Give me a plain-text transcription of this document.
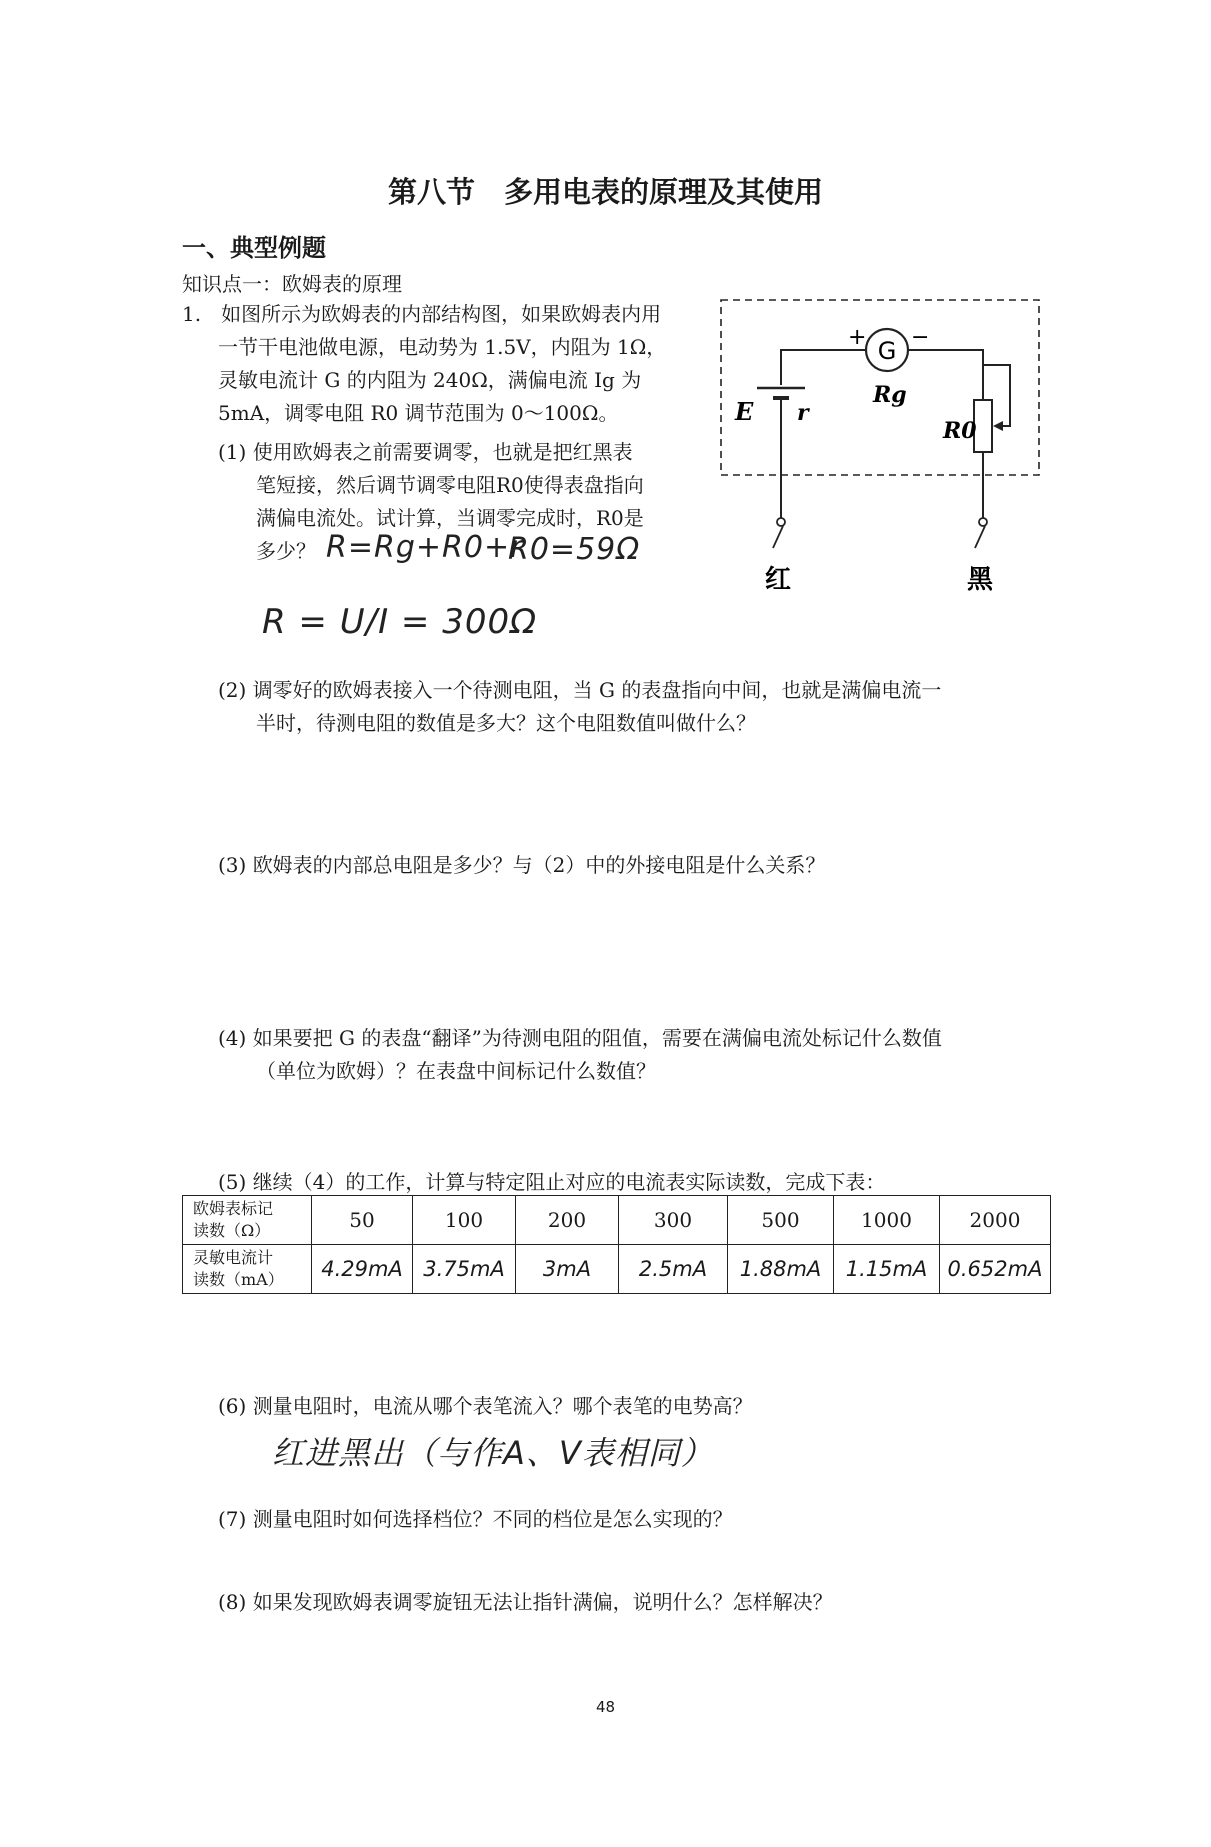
第八节　多用电表的原理及其使用
一、典型例题
知识点一：欧姆表的原理
1.　如图所示为欧姆表的内部结构图，如果欧姆表内用
一节干电池做电源，电动势为 1.5V，内阻为 1Ω，
灵敏电流计 G 的内阻为 240Ω，满偏电流 Ig 为
5mA，调零电阻 R0 调节范围为 0～100Ω。
G
+ −
Rg
E r
R0
红	黑
(1) 使用欧姆表之前需要调零，也就是把红黑表
笔短接，然后调节调零电阻R0使得表盘指向
满偏电流处。试计算，当调零完成时，R0是
多少？ R=Rg+R0+r
R0=59Ω
R = U/I = 300Ω
(2) 调零好的欧姆表接入一个待测电阻，当 G 的表盘指向中间，也就是满偏电流一
半时，待测电阻的数值是多大？这个电阻数值叫做什么？
(3) 欧姆表的内部总电阻是多少？与（2）中的外接电阻是什么关系？
(4) 如果要把 G 的表盘“翻译”为待测电阻的阻值，需要在满偏电流处标记什么数值
（单位为欧姆）？在表盘中间标记什么数值？
(5) 继续（4）的工作，计算与特定阻止对应的电流表实际读数，完成下表：
欧姆表标记
读数（Ω）	50	100	200	300	500	1000	2000

灵敏电流计
读数（mA）	4.29mA	3.75mA	3mA	2.5mA	1.88mA	1.15mA	0.652mA
(6) 测量电阻时，电流从哪个表笔流入？哪个表笔的电势高？
红进黑出（与作A、V表相同）
(7) 测量电阻时如何选择档位？不同的档位是怎么实现的？
(8) 如果发现欧姆表调零旋钮无法让指针满偏，说明什么？怎样解决？
48
